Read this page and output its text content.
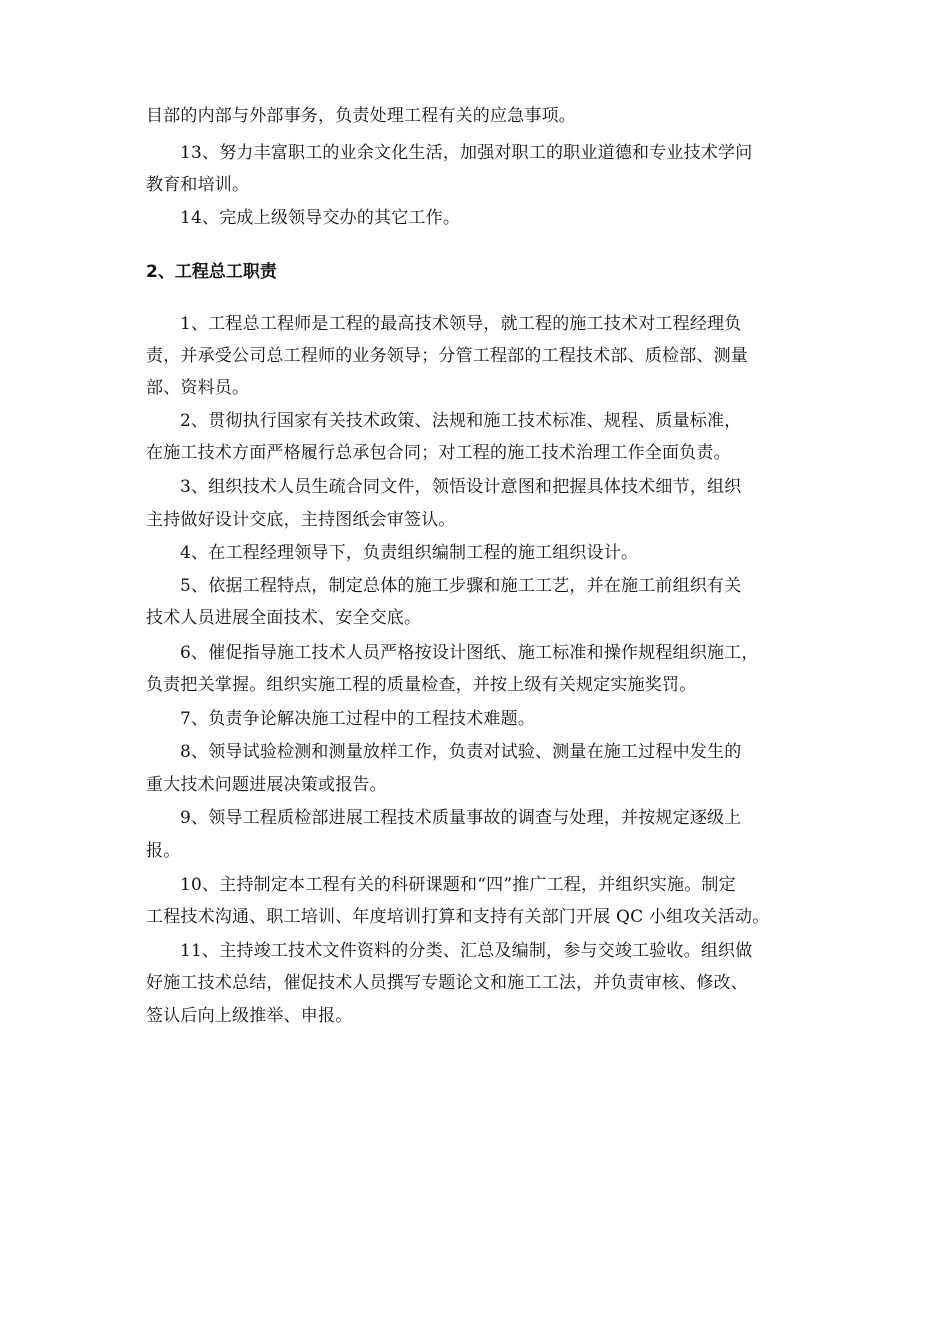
目部的内部与外部事务，负责处理工程有关的应急事项。
13、努力丰富职工的业余文化生活，加强对职工的职业道德和专业技术学问
教育和培训。
14、完成上级领导交办的其它工作。
2、工程总工职责
1、工程总工程师是工程的最高技术领导，就工程的施工技术对工程经理负
责，并承受公司总工程师的业务领导；分管工程部的工程技术部、质检部、测量
部、资料员。
2、贯彻执行国家有关技术政策、法规和施工技术标准、规程、质量标准，
在施工技术方面严格履行总承包合同；对工程的施工技术治理工作全面负责。
3、组织技术人员生疏合同文件，领悟设计意图和把握具体技术细节，组织
主持做好设计交底，主持图纸会审签认。
4、在工程经理领导下，负责组织编制工程的施工组织设计。
5、依据工程特点，制定总体的施工步骤和施工工艺，并在施工前组织有关
技术人员进展全面技术、安全交底。
6、催促指导施工技术人员严格按设计图纸、施工标准和操作规程组织施工，
负责把关掌握。组织实施工程的质量检查，并按上级有关规定实施奖罚。
7、负责争论解决施工过程中的工程技术难题。
8、领导试验检测和测量放样工作，负责对试验、测量在施工过程中发生的
重大技术问题进展决策或报告。
9、领导工程质检部进展工程技术质量事故的调查与处理，并按规定逐级上
报。
10、主持制定本工程有关的科研课题和“四”推广工程，并组织实施。制定
工程技术沟通、职工培训、年度培训打算和支持有关部门开展 QC 小组攻关活动。
11、主持竣工技术文件资料的分类、汇总及编制，参与交竣工验收。组织做
好施工技术总结，催促技术人员撰写专题论文和施工工法，并负责审核、修改、
签认后向上级推举、申报。
